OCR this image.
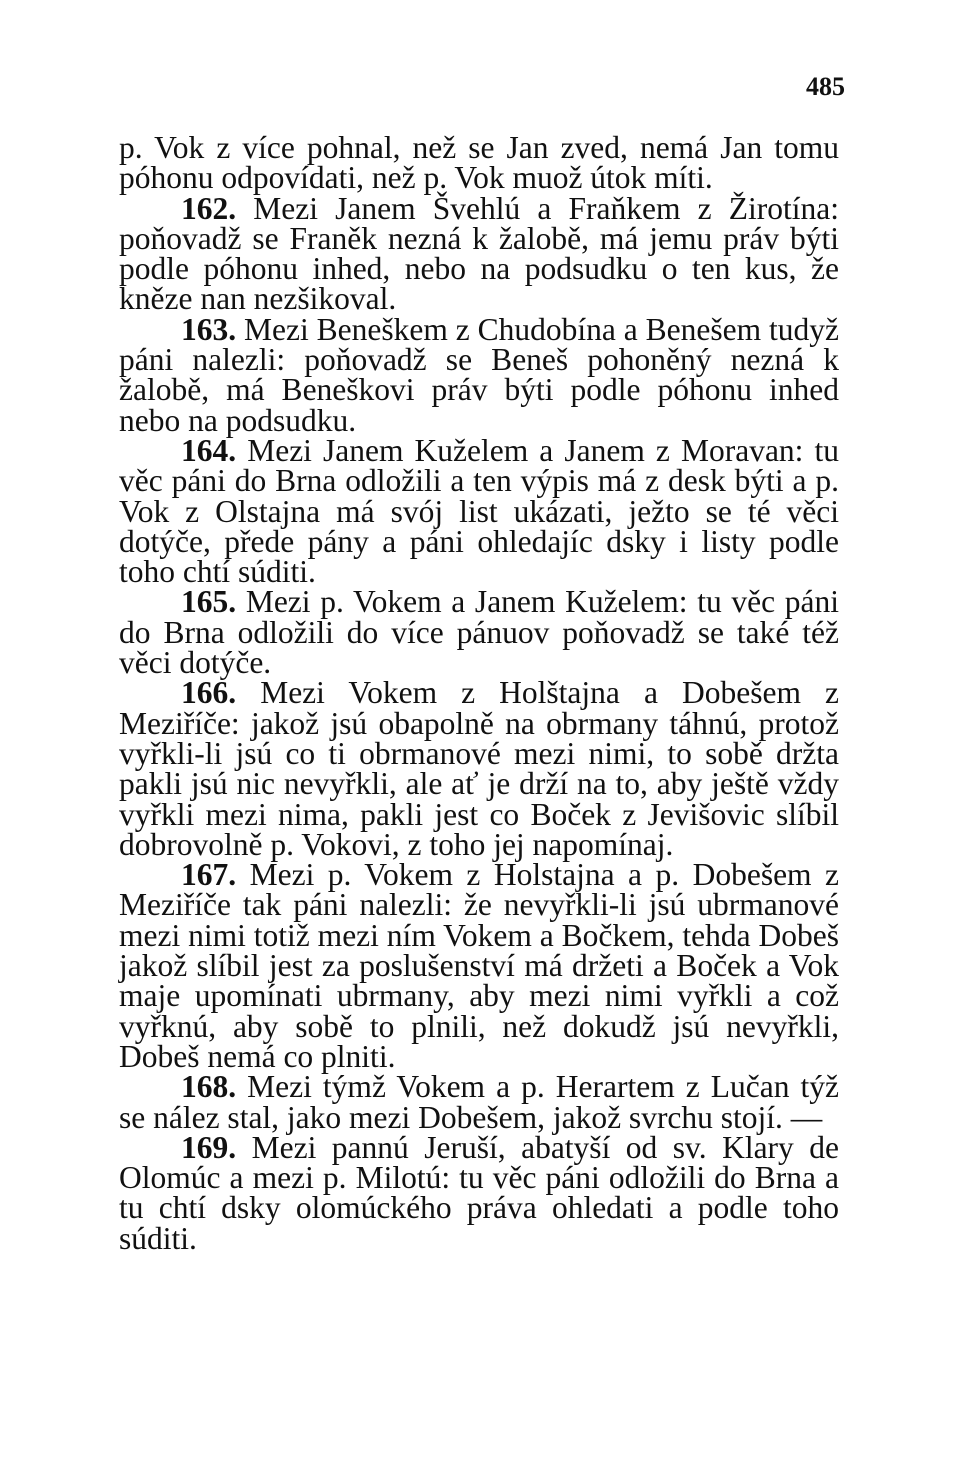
485

p. Vok z více pohnal, než se Jan zved, nemá Jan tomu póhonu odpovídati, než p. Vok muož útok míti.

162. Mezi Janem Švehlú a Fraňkem z Žirotína: poňovadž se Franěk nezná k žalobě, má jemu práv býti podle póhonu inhed, nebo na podsudku o ten kus, že kněze nan nezšikoval.

163. Mezi Beneškem z Chudobína a Benešem tudyž páni nalezli: poňovadž se Beneš pohoněný nezná k žalobě, má Beneškovi práv býti podle póhonu inhed nebo na podsudku.

164. Mezi Janem Kuželem a Janem z Moravan: tu věc páni do Brna odložili a ten výpis má z desk býti a p. Vok z Olstajna má svój list ukázati, ježto se té věci dotýče, přede pány a páni ohledajíc dsky i listy podle toho chtí súditi.

165. Mezi p. Vokem a Janem Kuželem: tu věc páni do Brna odložili do více pánuov poňovadž se také též věci dotýče.

166. Mezi Vokem z Holštajna a Dobešem z Meziříče: jakož jsú obapolně na obrmany táhnú, protož vyřkli-li jsú co ti obrmanové mezi nimi, to sobě držta pakli jsú nic nevyřkli, ale ať je drží na to, aby ještě vždy vyřkli mezi nima, pakli jest co Boček z Jevišovic slíbil dobrovolně p. Vokovi, z toho jej napomínaj.

167. Mezi p. Vokem z Holstajna a p. Dobešem z Meziříče tak páni nalezli: že nevyřkli-li jsú ubrmanové mezi nimi totiž mezi ním Vokem a Bočkem, tehda Dobeš jakož slíbil jest za poslušenství má držeti a Boček a Vok maje upomínati ubrmany, aby mezi nimi vyřkli a což vyřknú, aby sobě to plnili, než dokudž jsú nevyřkli, Dobeš nemá co plniti.

168. Mezi týmž Vokem a p. Herartem z Lučan týž se nález stal, jako mezi Dobešem, jakož svrchu stojí. —

169. Mezi pannú Jeruší, abatyší od sv. Klary de Olomúc a mezi p. Milotú: tu věc páni odložili do Brna a tu chtí dsky olomúckého práva ohledati a podle toho súditi.
